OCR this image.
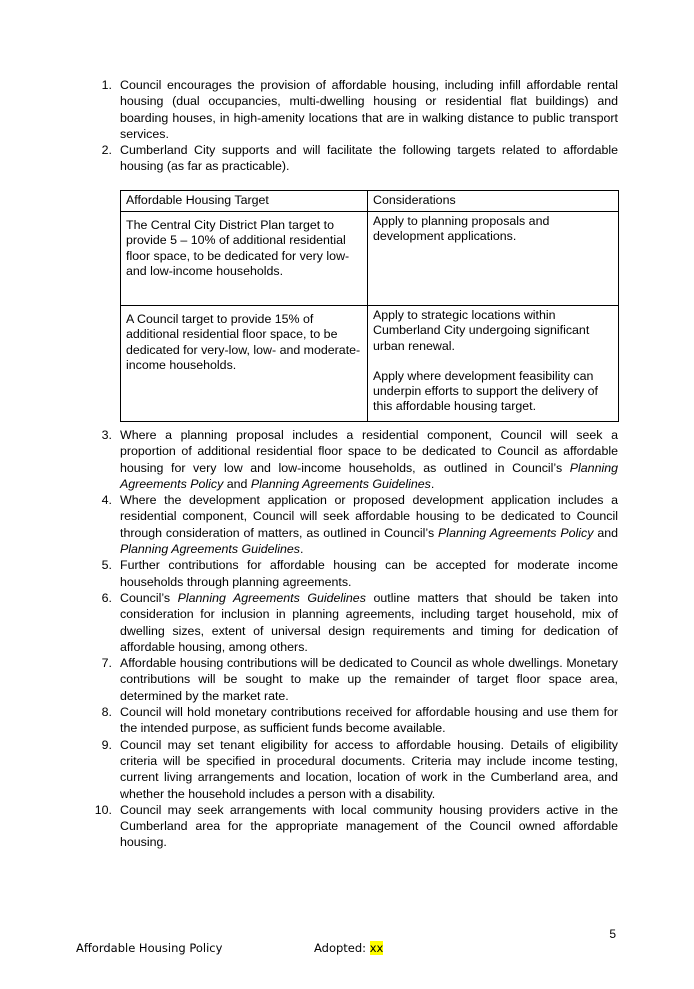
1. Council encourages the provision of affordable housing, including infill affordable rental housing (dual occupancies, multi-dwelling housing or residential flat buildings) and boarding houses, in high-amenity locations that are in walking distance to public transport services.
2. Cumberland City supports and will facilitate the following targets related to affordable housing (as far as practicable).
Affordable Housing Target	Considerations
The Central City District Plan target to provide 5 – 10% of additional residential floor space, to be dedicated for very low- and low-income households.	Apply to planning proposals and development applications.

A Council target to provide 15% of additional residential floor space, to be dedicated for very-low, low- and moderate-income households.	Apply to strategic locations within Cumberland City undergoing significant urban renewal.
Apply where development feasibility can underpin efforts to support the delivery of this affordable housing target.
3. Where a planning proposal includes a residential component, Council will seek a proportion of additional residential floor space to be dedicated to Council as affordable housing for very low and low-income households, as outlined in Council’s Planning Agreements Policy and Planning Agreements Guidelines.
4. Where the development application or proposed development application includes a residential component, Council will seek affordable housing to be dedicated to Council through consideration of matters, as outlined in Council’s Planning Agreements Policy and Planning Agreements Guidelines.
5. Further contributions for affordable housing can be accepted for moderate income households through planning agreements.
6. Council’s Planning Agreements Guidelines outline matters that should be taken into consideration for inclusion in planning agreements, including target household, mix of dwelling sizes, extent of universal design requirements and timing for dedication of affordable housing, among others.
7. Affordable housing contributions will be dedicated to Council as whole dwellings. Monetary contributions will be sought to make up the remainder of target floor space area, determined by the market rate.
8. Council will hold monetary contributions received for affordable housing and use them for the intended purpose, as sufficient funds become available.
9. Council may set tenant eligibility for access to affordable housing. Details of eligibility criteria will be specified in procedural documents. Criteria may include income testing, current living arrangements and location, location of work in the Cumberland area, and whether the household includes a person with a disability.
10. Council may seek arrangements with local community housing providers active in the Cumberland area for the appropriate management of the Council owned affordable housing.
5
Affordable Housing Policy	Adopted: xx
